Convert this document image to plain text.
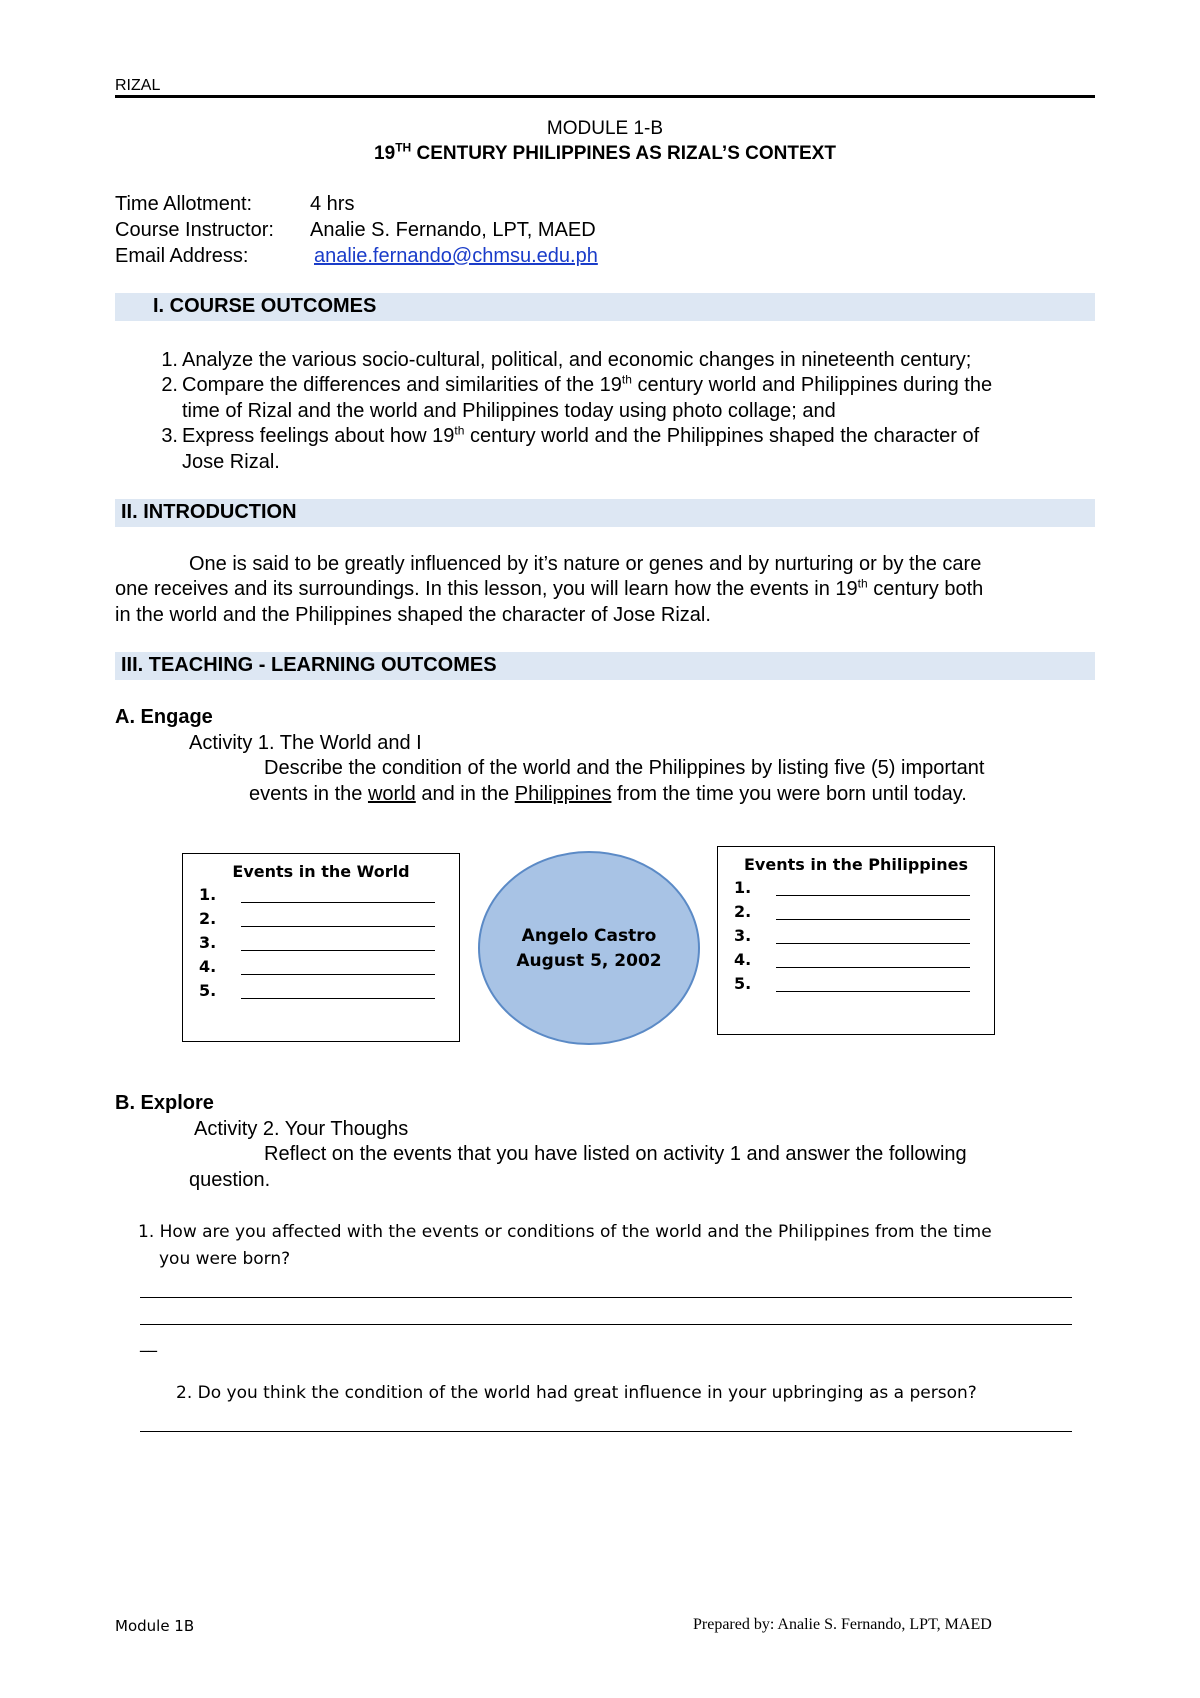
RIZAL
MODULE 1-B
19TH CENTURY PHILIPPINES AS RIZAL’S CONTEXT
Time Allotment:	4 hrs
Course Instructor: Analie S. Fernando, LPT, MAED
Email Address:	analie.fernando@chmsu.edu.ph
I. COURSE OUTCOMES
1. Analyze the various socio-cultural, political, and economic changes in nineteenth century;
2. Compare the differences and similarities of the 19th century world and Philippines during the
time of Rizal and the world and Philippines today using photo collage; and
3. Express feelings about how 19th century world and the Philippines shaped the character of
Jose Rizal.
II. INTRODUCTION
One is said to be greatly influenced by it’s nature or genes and by nurturing or by the care
one receives and its surroundings. In this lesson, you will learn how the events in 19th century both
in the world and the Philippines shaped the character of Jose Rizal.
III. TEACHING - LEARNING OUTCOMES
A. Engage
Activity 1. The World and I
Describe the condition of the world and the Philippines by listing five (5) important
events in the world and in the Philippines from the time you were born until today.
Events in the World
1.
2.
3.
4.
5.
Angelo Castro
August 5, 2002
Events in the Philippines
1.
2.
3.
4.
5.
B. Explore
Activity 2. Your Thoughs
Reflect on the events that you have listed on activity 1 and answer the following
question.
1. How are you affected with the events or conditions of the world and the Philippines from the time
you were born?
__
2. Do you think the condition of the world had great influence in your upbringing as a person?
Module 1B	Prepared by: Analie S. Fernando, LPT, MAED
